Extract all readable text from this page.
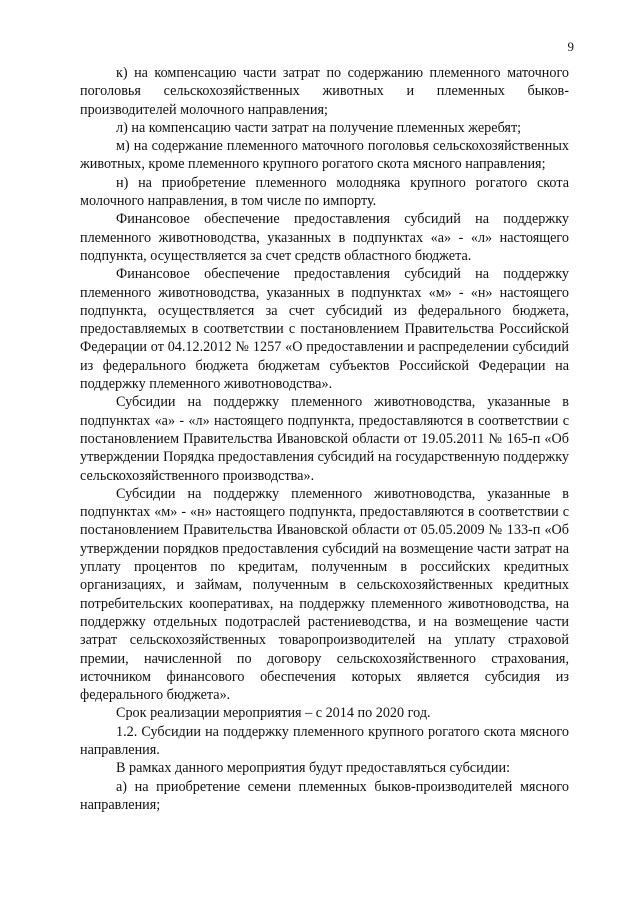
9

к) на компенсацию части затрат по содержанию племенного маточного поголовья сельскохозяйственных животных и племенных быков-производителей молочного направления;

л) на компенсацию части затрат на получение племенных жеребят;

м) на содержание племенного маточного поголовья сельскохозяйственных животных, кроме племенного крупного рогатого скота мясного направления;

н) на приобретение племенного молодняка крупного рогатого скота молочного направления, в том числе по импорту.

Финансовое обеспечение предоставления субсидий на поддержку племенного животноводства, указанных в подпунктах «а» - «л» настоящего подпункта, осуществляется за счет средств областного бюджета.

Финансовое обеспечение предоставления субсидий на поддержку племенного животноводства, указанных в подпунктах «м» - «н» настоящего подпункта, осуществляется за счет субсидий из федерального бюджета, предоставляемых в соответствии с постановлением Правительства Российской Федерации от 04.12.2012 № 1257 «О предоставлении и распределении субсидий из федерального бюджета бюджетам субъектов Российской Федерации на поддержку племенного животноводства».

Субсидии на поддержку племенного животноводства, указанные в подпунктах «а» - «л» настоящего подпункта, предоставляются в соответствии с постановлением Правительства Ивановской области от 19.05.2011 № 165-п «Об утверждении Порядка предоставления субсидий на государственную поддержку сельскохозяйственного производства».

Субсидии на поддержку племенного животноводства, указанные в подпунктах «м» - «н» настоящего подпункта, предоставляются в соответствии с постановлением Правительства Ивановской области от 05.05.2009 № 133-п «Об утверждении порядков предоставления субсидий на возмещение части затрат на уплату процентов по кредитам, полученным в российских кредитных организациях, и займам, полученным в сельскохозяйственных кредитных потребительских кооперативах, на поддержку племенного животноводства, на поддержку отдельных подотраслей растениеводства, и на возмещение части затрат сельскохозяйственных товаропроизводителей на уплату страховой премии, начисленной по договору сельскохозяйственного страхования, источником финансового обеспечения которых является субсидия из федерального бюджета».

Срок реализации мероприятия – с 2014 по 2020 год.

1.2. Субсидии на поддержку племенного крупного рогатого скота мясного направления.

В рамках данного мероприятия будут предоставляться субсидии:

а) на приобретение семени племенных быков-производителей мясного направления;
